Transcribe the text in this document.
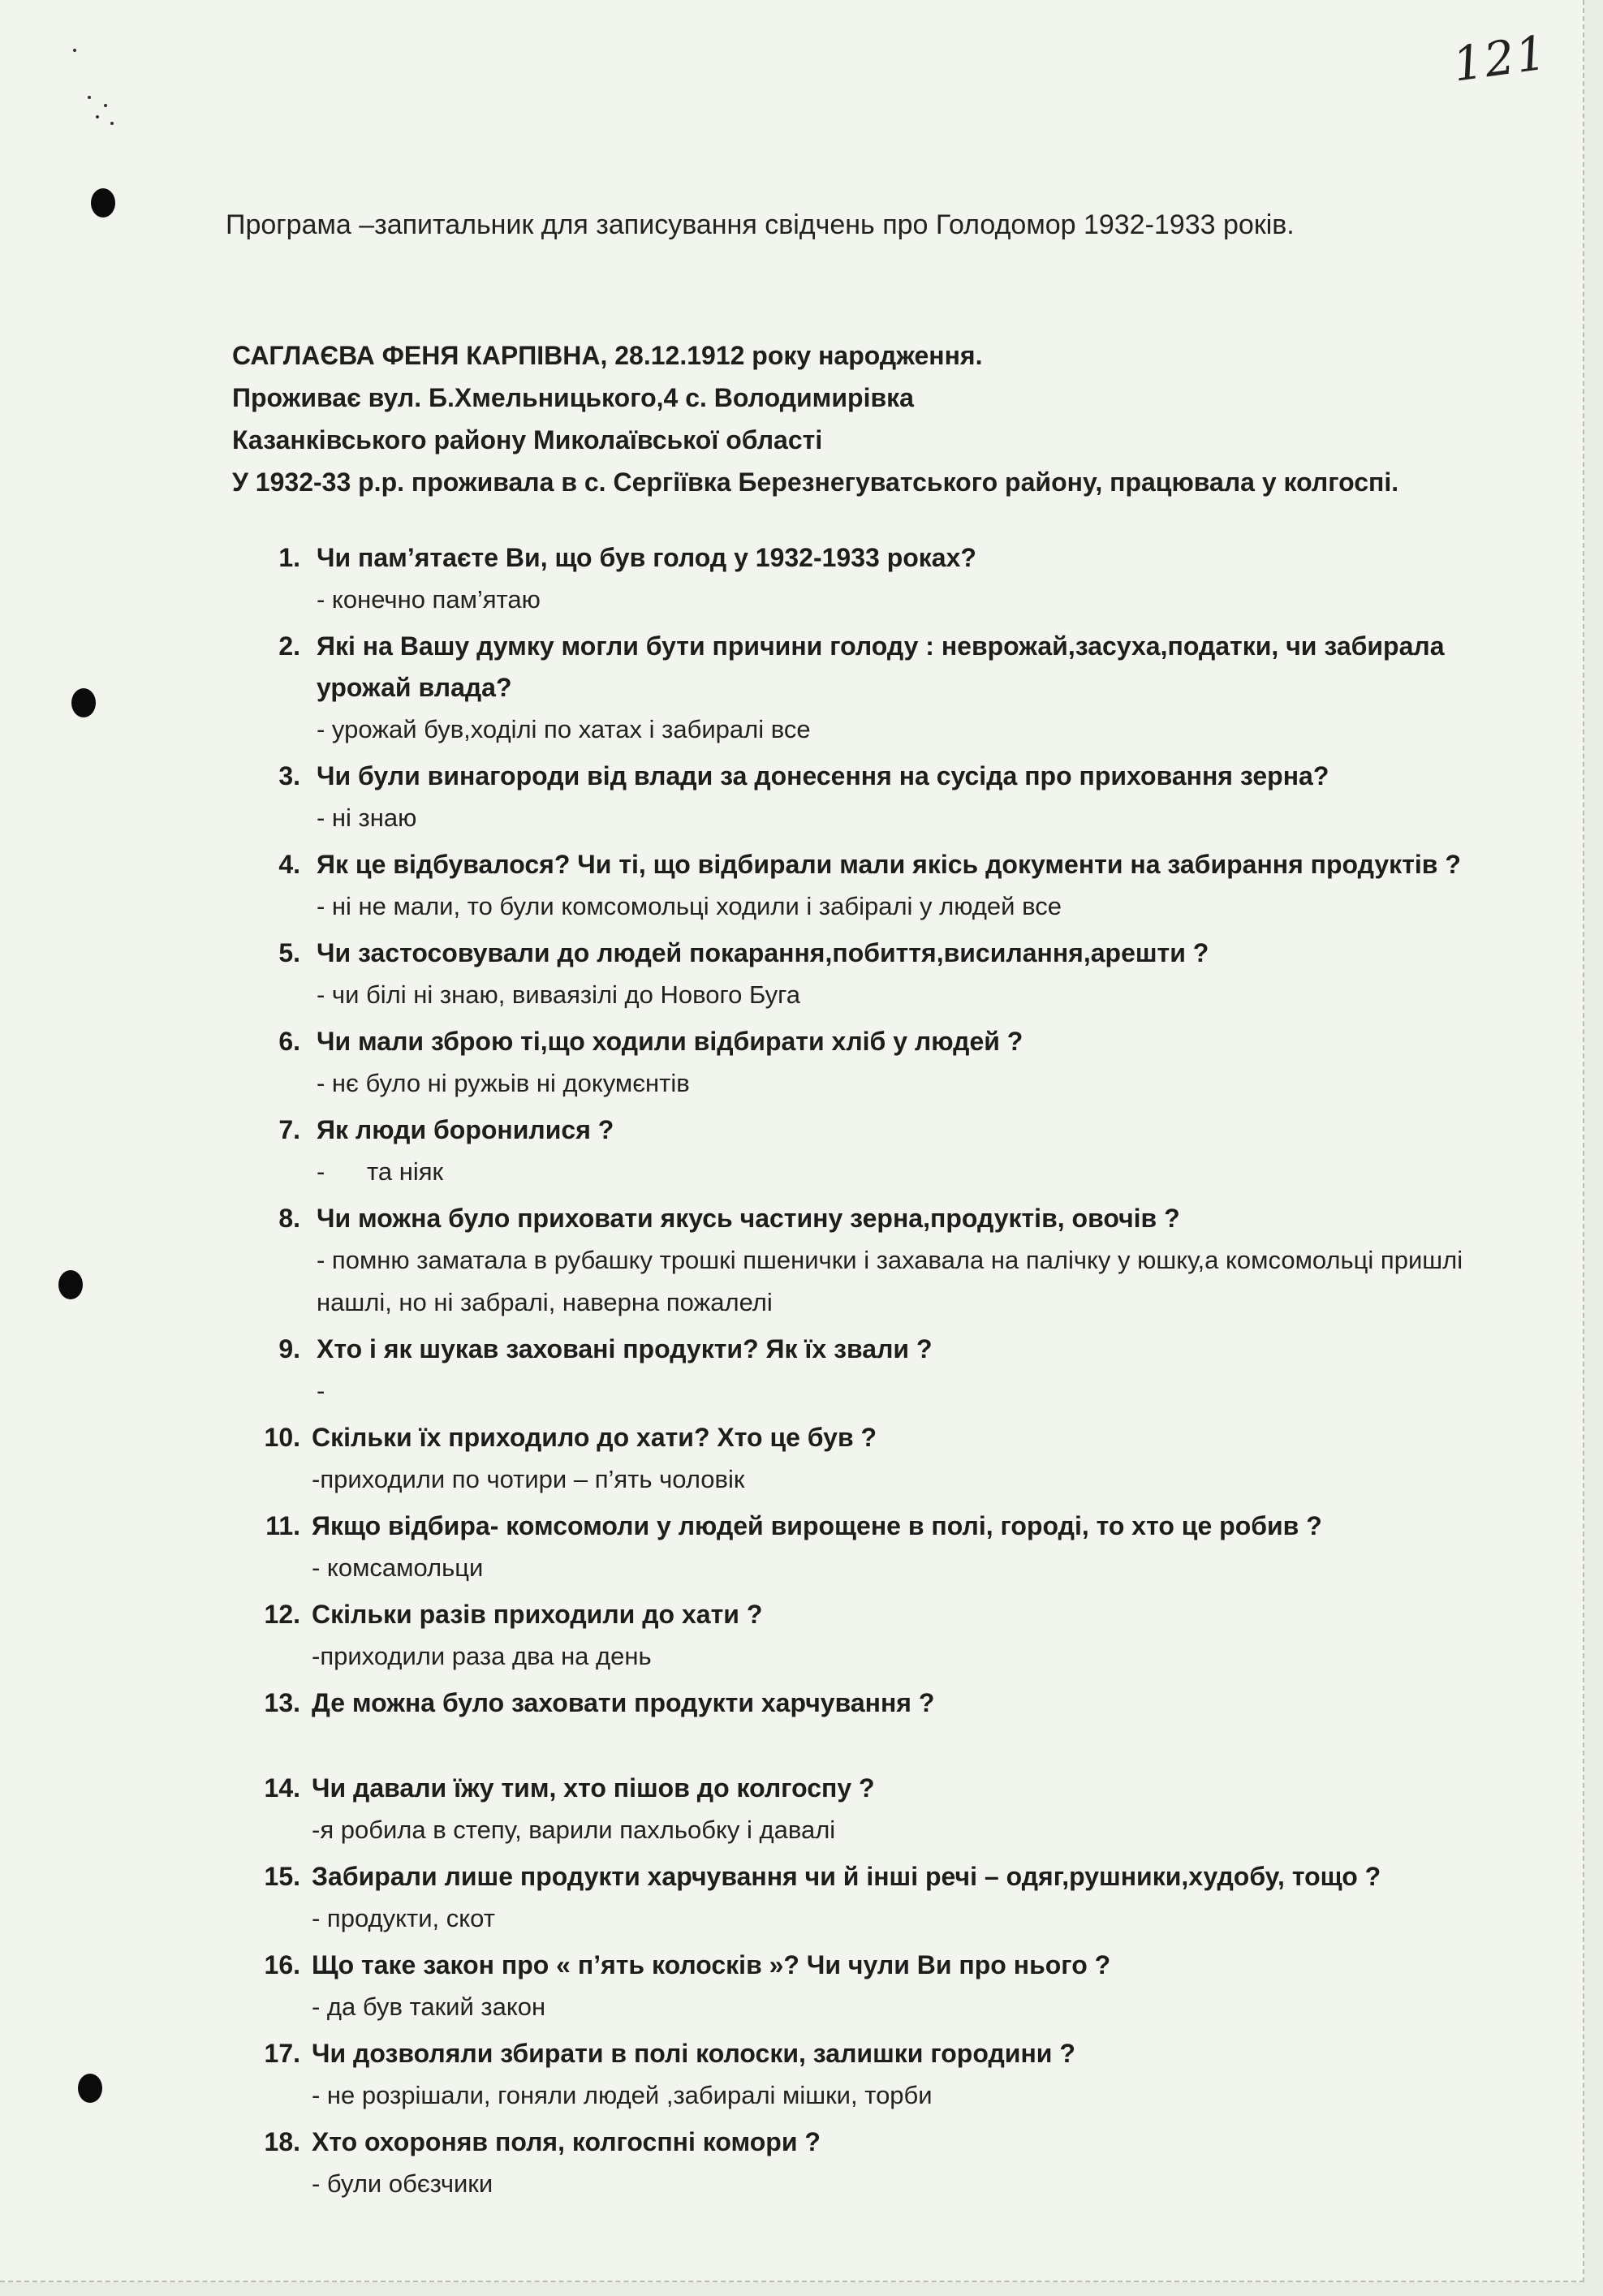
121
Програма –запитальник для записування свідчень про Голодомор 1932-1933 років.
САГЛАЄВА ФЕНЯ КАРПІВНА, 28.12.1912 року народження.
Проживає вул. Б.Хмельницького,4 с. Володимирівка
Казанківського району Миколаївської області
У 1932-33 р.р. проживала в с. Сергіївка Березнегуватського району, працювала у колгоспі.
1. Чи пам’ятаєте Ви, що був голод у 1932-1933 роках?
- конечно пам’ятаю
2. Які на Вашу думку могли бути причини голоду : неврожай,засуха,податки, чи забирала урожай влада?
- урожай був,ходілі по хатах і забиралі все
3. Чи були винагороди від влади за донесення на сусіда про приховання зерна?
- ні знаю
4. Як це відбувалося? Чи ті, що відбирали мали якісь документи на забирання продуктів ?
- ні не мали, то були комсомольці ходили і забіралі у людей все
5. Чи застосовували до людей покарання,побиття,висилання,арешти ?
- чи білі ні знаю, виваязілі до Нового Буга
6. Чи мали зброю ті,що ходили відбирати хліб у людей ?
- нє було ні ружьів ні докумєнтів
7. Як люди боронилися ?
-      та ніяк
8. Чи можна було приховати якусь частину зерна,продуктів, овочів ?
- помню заматала в рубашку трошкі пшенички і захавала на палічку у юшку,а комсомольці пришлі нашлі, но ні забралі, наверна пожалелі
9. Хто і як шукав заховані продукти? Як їх звали ?
-
10. Скільки їх приходило до хати? Хто це був ?
-приходили по чотири – п’ять чоловік
11. Якщо відбира- комсомоли у людей вирощене в полі, городі, то хто це робив ?
- комсамольци
12. Скільки разів приходили до хати ?
-приходили раза два на день
13. Де можна було заховати продукти харчування ?
14. Чи давали їжу тим, хто пішов до колгоспу ?
-я робила в степу, варили пахльобку і давалі
15. Забирали лише продукти харчування чи й інші речі – одяг,рушники,худобу, тощо ?
- продукти, скот
16. Що таке закон про « п’ять колосків »? Чи чули Ви про нього ?
- да був такий закон
17. Чи дозволяли збирати в полі колоски, залишки городини ?
- не розрішали, гоняли людей ,забиралі мішки, торби
18. Хто охороняв поля, колгоспні комори ?
- були обєзчики
